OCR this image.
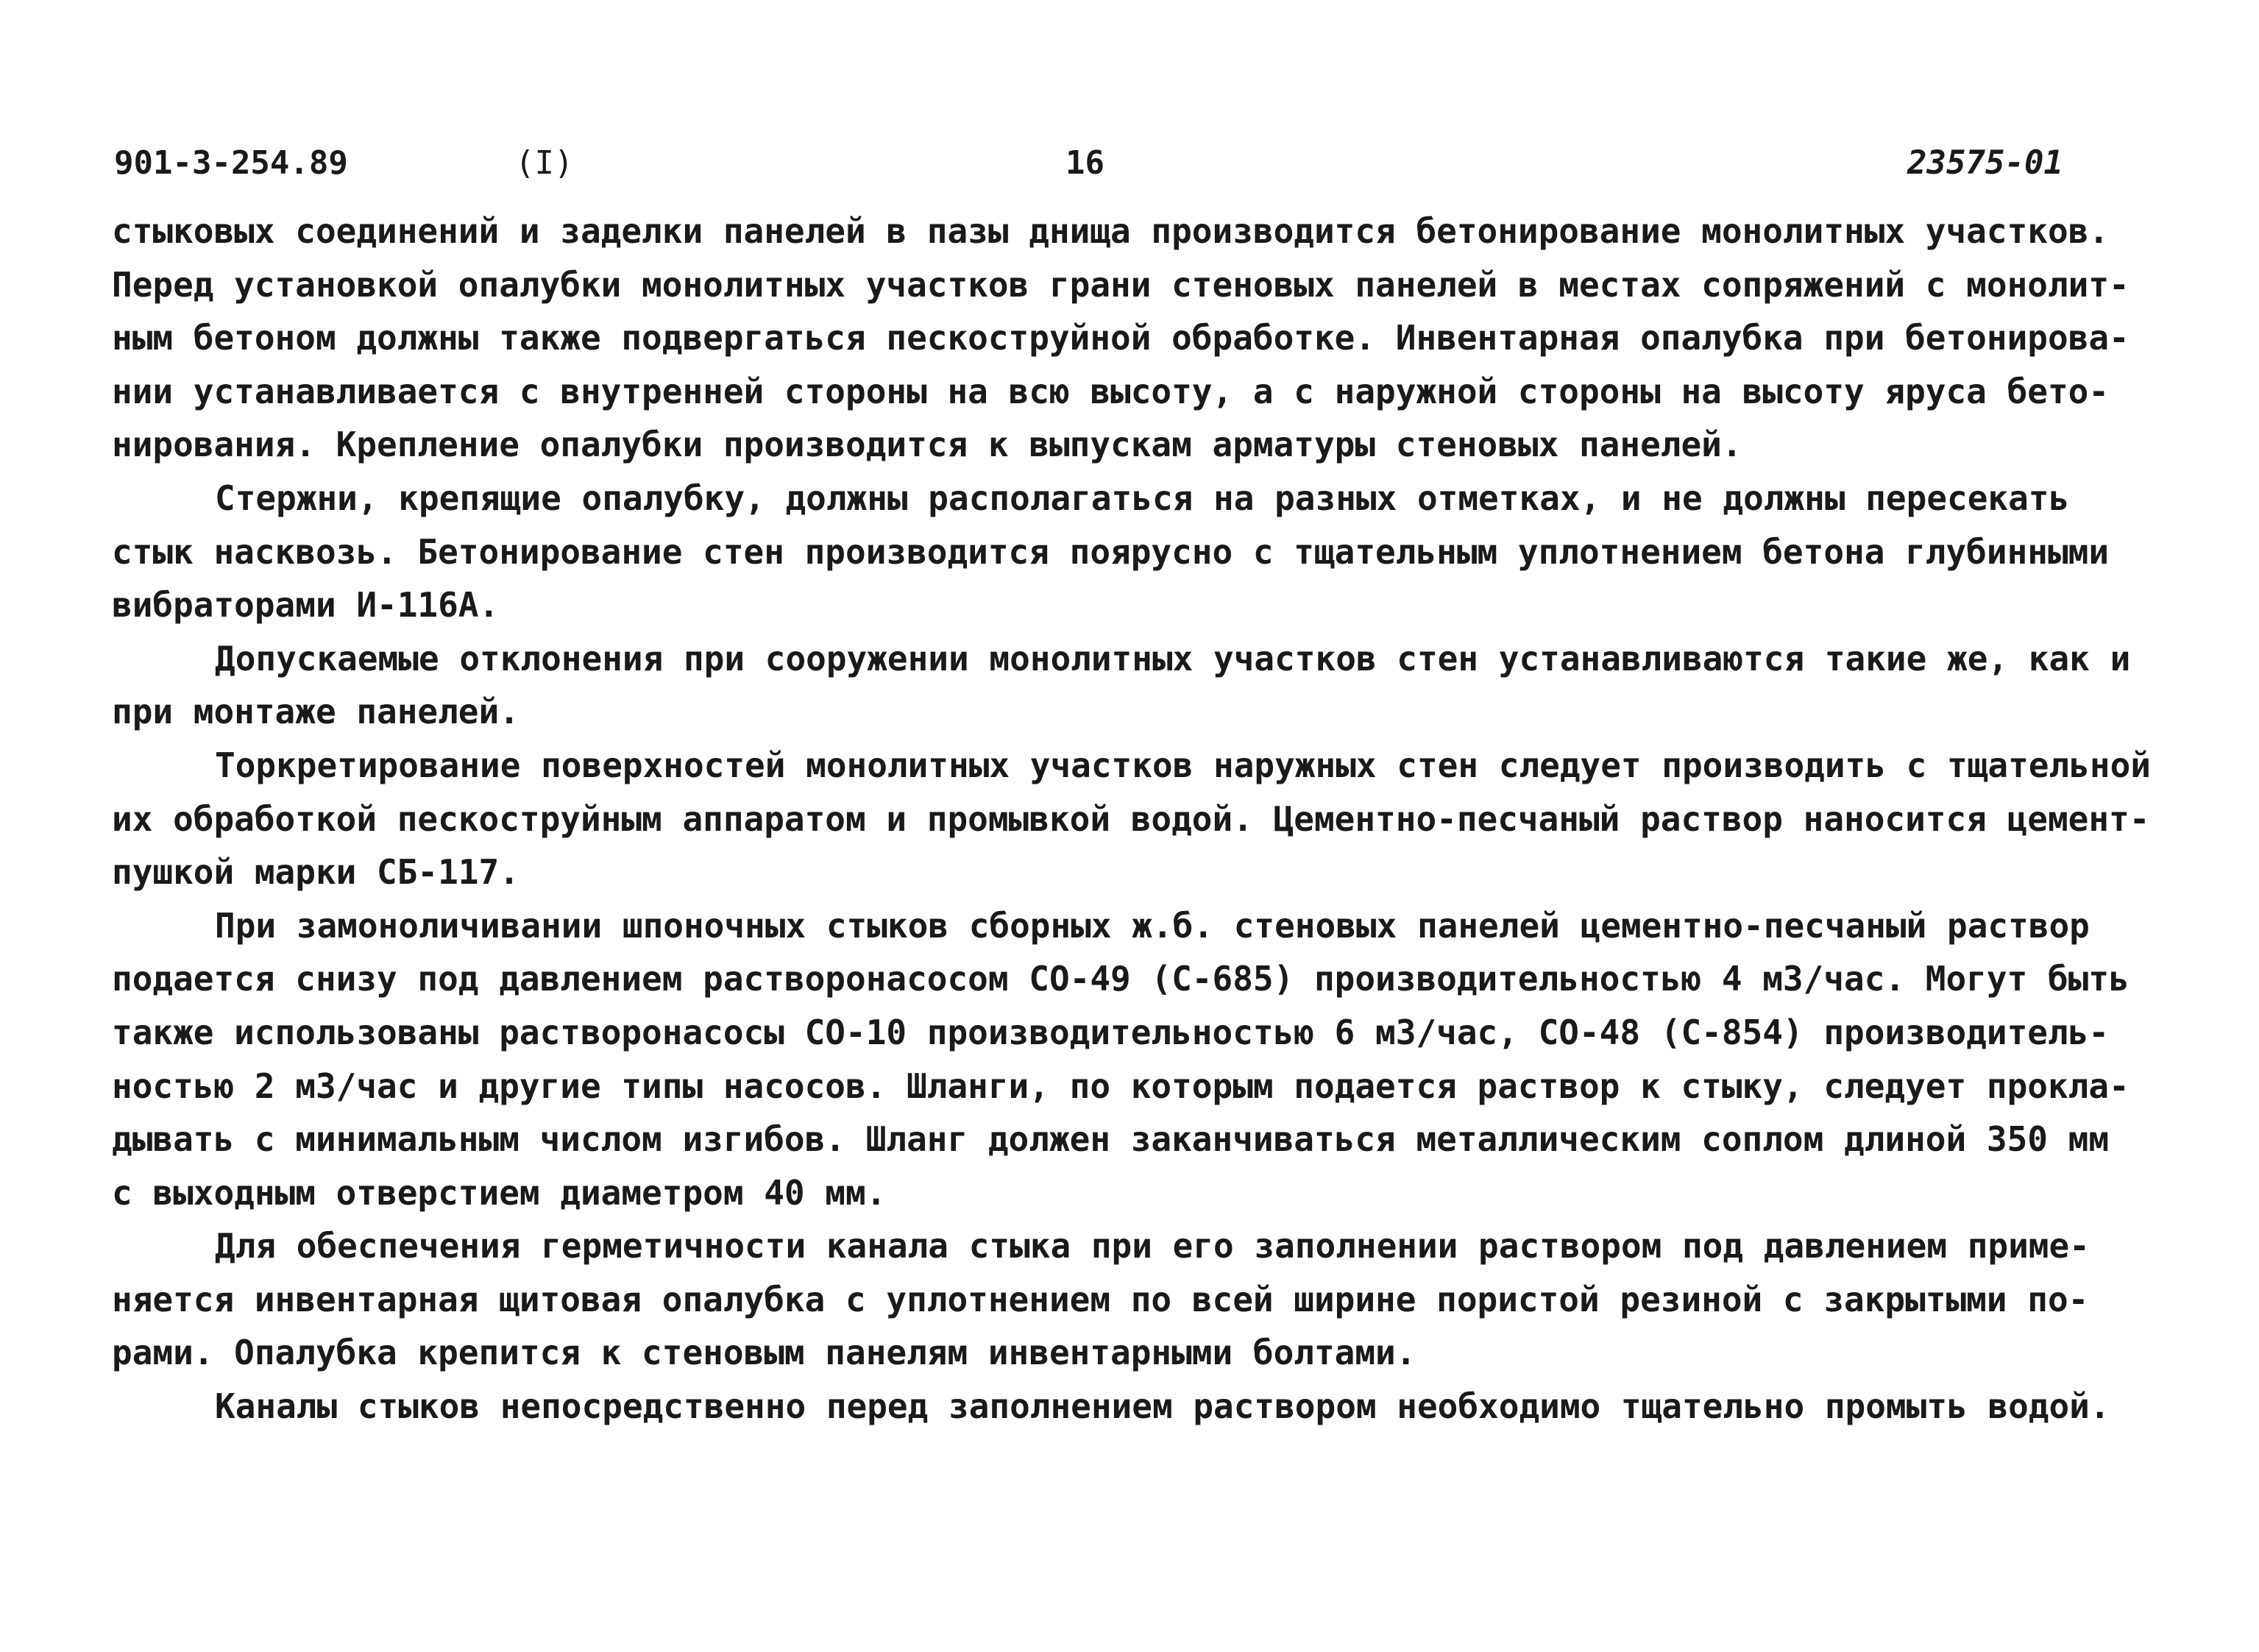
901-3-254.89	(I)	16	23575-01
стыковых соединений и заделки панелей в пазы днища производится бетонирование монолитных участков.
Перед установкой опалубки монолитных участков грани стеновых панелей в местах сопряжений с монолит-
ным бетоном должны также подвергаться пескоструйной обработке. Инвентарная опалубка при бетонирова-
нии устанавливается с внутренней стороны на всю высоту, а с наружной стороны на высоту яруса бето-
нирования. Крепление опалубки производится к выпускам арматуры стеновых панелей.
Стержни, крепящие опалубку, должны располагаться на разных отметках, и не должны пересекать
стык насквозь. Бетонирование стен производится поярусно с тщательным уплотнением бетона глубинными
вибраторами И-116А.
Допускаемые отклонения при сооружении монолитных участков стен устанавливаются такие же, как и
при монтаже панелей.
Торкретирование поверхностей монолитных участков наружных стен следует производить с тщательной
их обработкой пескоструйным аппаратом и промывкой водой. Цементно-песчаный раствор наносится цемент-
пушкой марки СБ-117.
При замоноличивании шпоночных стыков сборных ж.б. стеновых панелей цементно-песчаный раствор
подается снизу под давлением растворонасосом СО-49 (С-685) производительностью 4 м3/час. Могут быть
также использованы растворонасосы СО-10 производительностью 6 м3/час, СО-48 (С-854) производитель-
ностью 2 м3/час и другие типы насосов. Шланги, по которым подается раствор к стыку, следует прокла-
дывать с минимальным числом изгибов. Шланг должен заканчиваться металлическим соплом длиной 350 мм
с выходным отверстием диаметром 40 мм.
Для обеспечения герметичности канала стыка при его заполнении раствором под давлением приме-
няется инвентарная щитовая опалубка с уплотнением по всей ширине пористой резиной с закрытыми по-
рами. Опалубка крепится к стеновым панелям инвентарными болтами.
Каналы стыков непосредственно перед заполнением раствором необходимо тщательно промыть водой.
